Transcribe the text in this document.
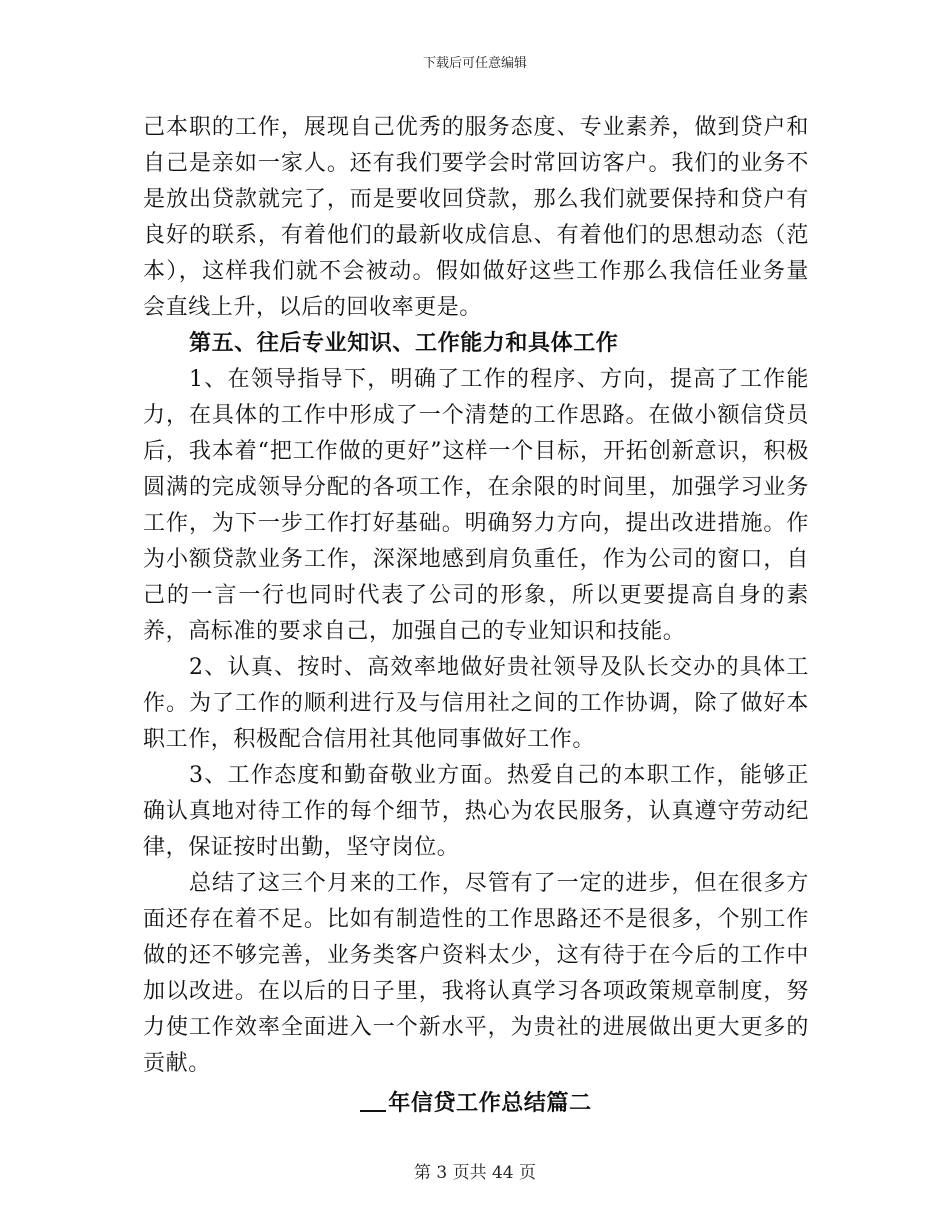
下载后可任意编辑

己本职的工作，展现自己优秀的服务态度、专业素养，做到贷户和自己是亲如一家人。还有我们要学会时常回访客户。我们的业务不是放出贷款就完了，而是要收回贷款，那么我们就要保持和贷户有良好的联系，有着他们的最新收成信息、有着他们的思想动态（范本），这样我们就不会被动。假如做好这些工作那么我信任业务量会直线上升，以后的回收率更是。

第五、往后专业知识、工作能力和具体工作

1、在领导指导下，明确了工作的程序、方向，提高了工作能力，在具体的工作中形成了一个清楚的工作思路。在做小额信贷员后，我本着“把工作做的更好”这样一个目标，开拓创新意识，积极圆满的完成领导分配的各项工作，在余限的时间里，加强学习业务工作，为下一步工作打好基础。明确努力方向，提出改进措施。作为小额贷款业务工作，深深地感到肩负重任，作为公司的窗口，自己的一言一行也同时代表了公司的形象，所以更要提高自身的素养，高标准的要求自己，加强自己的专业知识和技能。

2、认真、按时、高效率地做好贵社领导及队长交办的具体工作。为了工作的顺利进行及与信用社之间的工作协调，除了做好本职工作，积极配合信用社其他同事做好工作。

3、工作态度和勤奋敬业方面。热爱自己的本职工作，能够正确认真地对待工作的每个细节，热心为农民服务，认真遵守劳动纪律，保证按时出勤，坚守岗位。

总结了这三个月来的工作，尽管有了一定的进步，但在很多方面还存在着不足。比如有制造性的工作思路还不是很多，个别工作做的还不够完善，业务类客户资料太少，这有待于在今后的工作中加以改进。在以后的日子里，我将认真学习各项政策规章制度，努力使工作效率全面进入一个新水平，为贵社的进展做出更大更多的贡献。

年信贷工作总结篇二

第 3 页共 44 页
